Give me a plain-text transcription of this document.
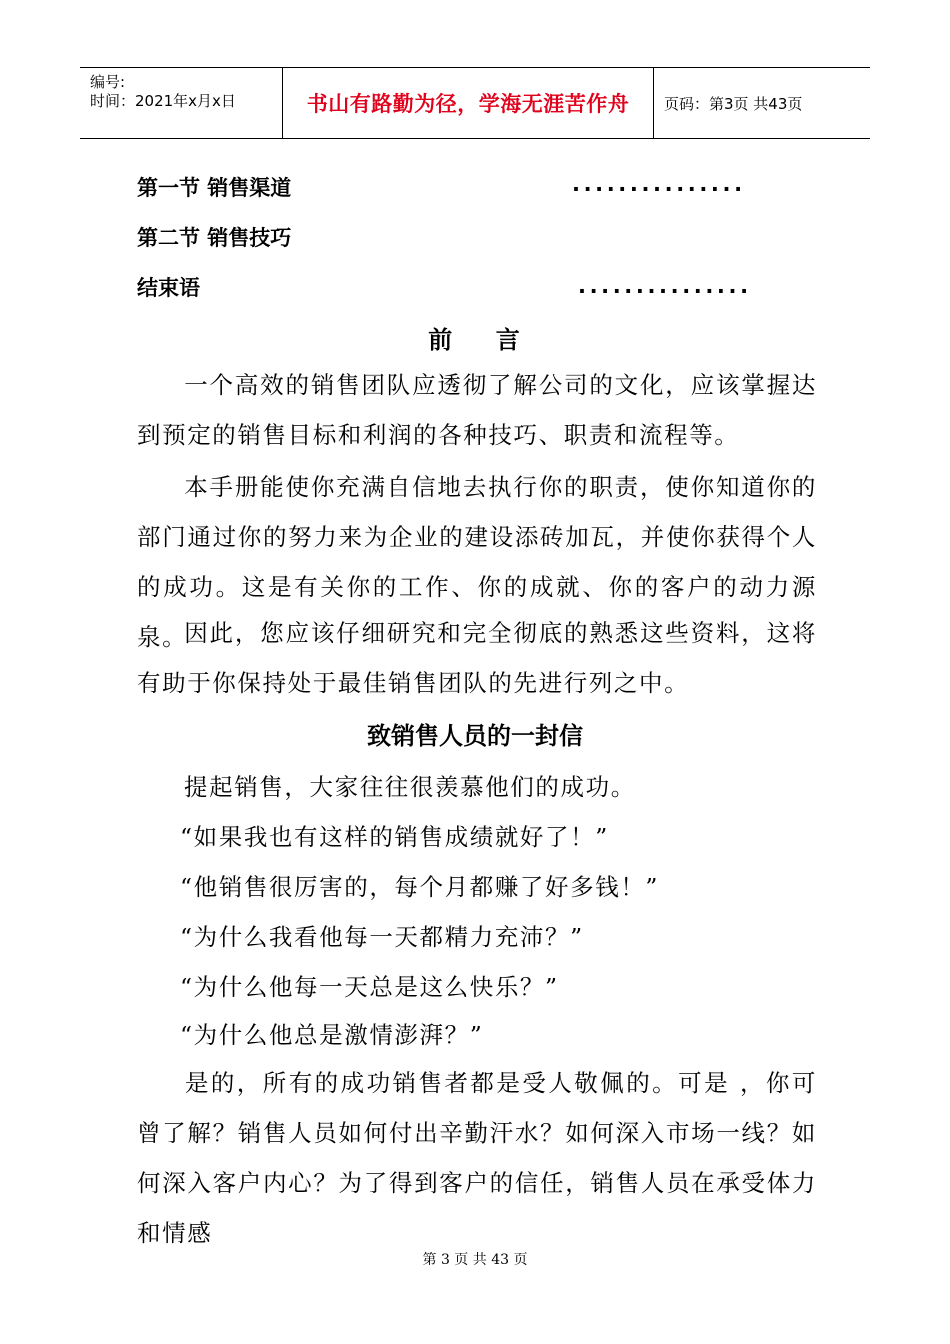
编号:
时间：2021年x月x日	书山有路勤为径，学海无涯苦作舟	页码：第3页 共43页
第一节 销售渠道	...............
第二节 销售技巧
结束语	...............
前    言
一个高效的销售团队应透彻了解公司的文化，应该掌握达到预定的销售目标和利润的各种技巧、职责和流程等。
本手册能使你充满自信地去执行你的职责，使你知道你的部门通过你的努力来为企业的建设添砖加瓦，并使你获得个人的成功。这是有关你的工作、你的成就、你的客户的动力源泉。
因此，您应该仔细研究和完全彻底的熟悉这些资料，这将有助于你保持处于最佳销售团队的先进行列之中。
致销售人员的一封信
提起销售，大家往往很羡慕他们的成功。
“如果我也有这样的销售成绩就好了！”
“他销售很厉害的，每个月都赚了好多钱！”
“为什么我看他每一天都精力充沛？”
“为什么他每一天总是这么快乐？”
“为什么他总是激情澎湃？”
是的，所有的成功销售者都是受人敬佩的。可是 ，你可曾了解？销售人员如何付出辛勤汗水？如何深入市场一线？如何深入客户内心？为了得到客户的信任，销售人员在承受体力和情感
第 3 页 共 43 页
